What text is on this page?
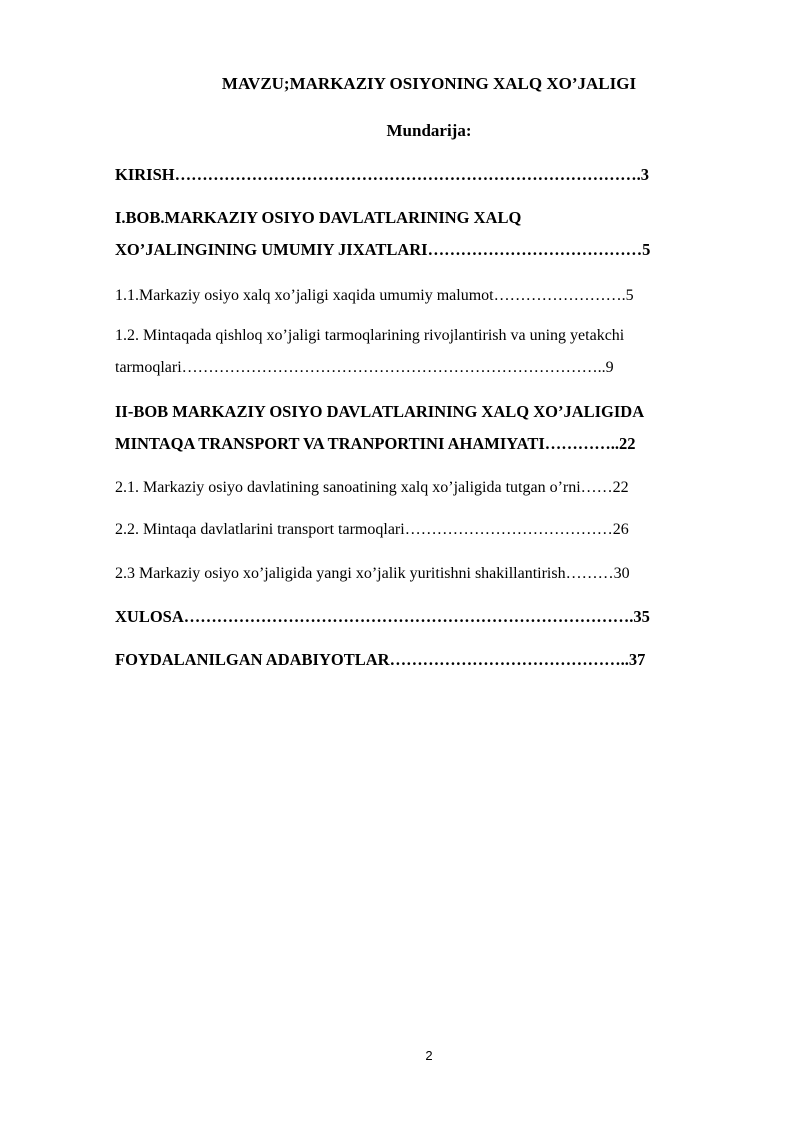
MAVZU;MARKAZIY OSIYONING XALQ XO’JALIGI
Mundarija:
KIRISH………………………………………………………………………….3
I.BOB.MARKAZIY OSIYO DAVLATLARINING XALQ
XO’JALINGINING UMUMIY JIXATLARI…………………………………5
1.1.Markaziy osiyo xalq xo’jaligi xaqida umumiy malumot…………………….5
1.2. Mintaqada qishloq xo’jaligi tarmoqlarining rivojlantirish va uning yetakchi
tarmoqlari……………………………………………………………………..9
II-BOB MARKAZIY OSIYO DAVLATLARINING XALQ XO’JALIGIDA
MINTAQA TRANSPORT VA TRANPORTINI AHAMIYATI…………..22
2.1. Markaziy osiyo davlatining sanoatining xalq xo’jaligida tutgan o’rni……22
2.2. Mintaqa davlatlarini transport tarmoqlari…………………………………26
2.3 Markaziy osiyo xo’jaligida yangi xo’jalik yuritishni shakillantirish………30
XULOSA……………………………………………………………………….35
FOYDALANILGAN ADABIYOTLAR……………………………………..37
2
